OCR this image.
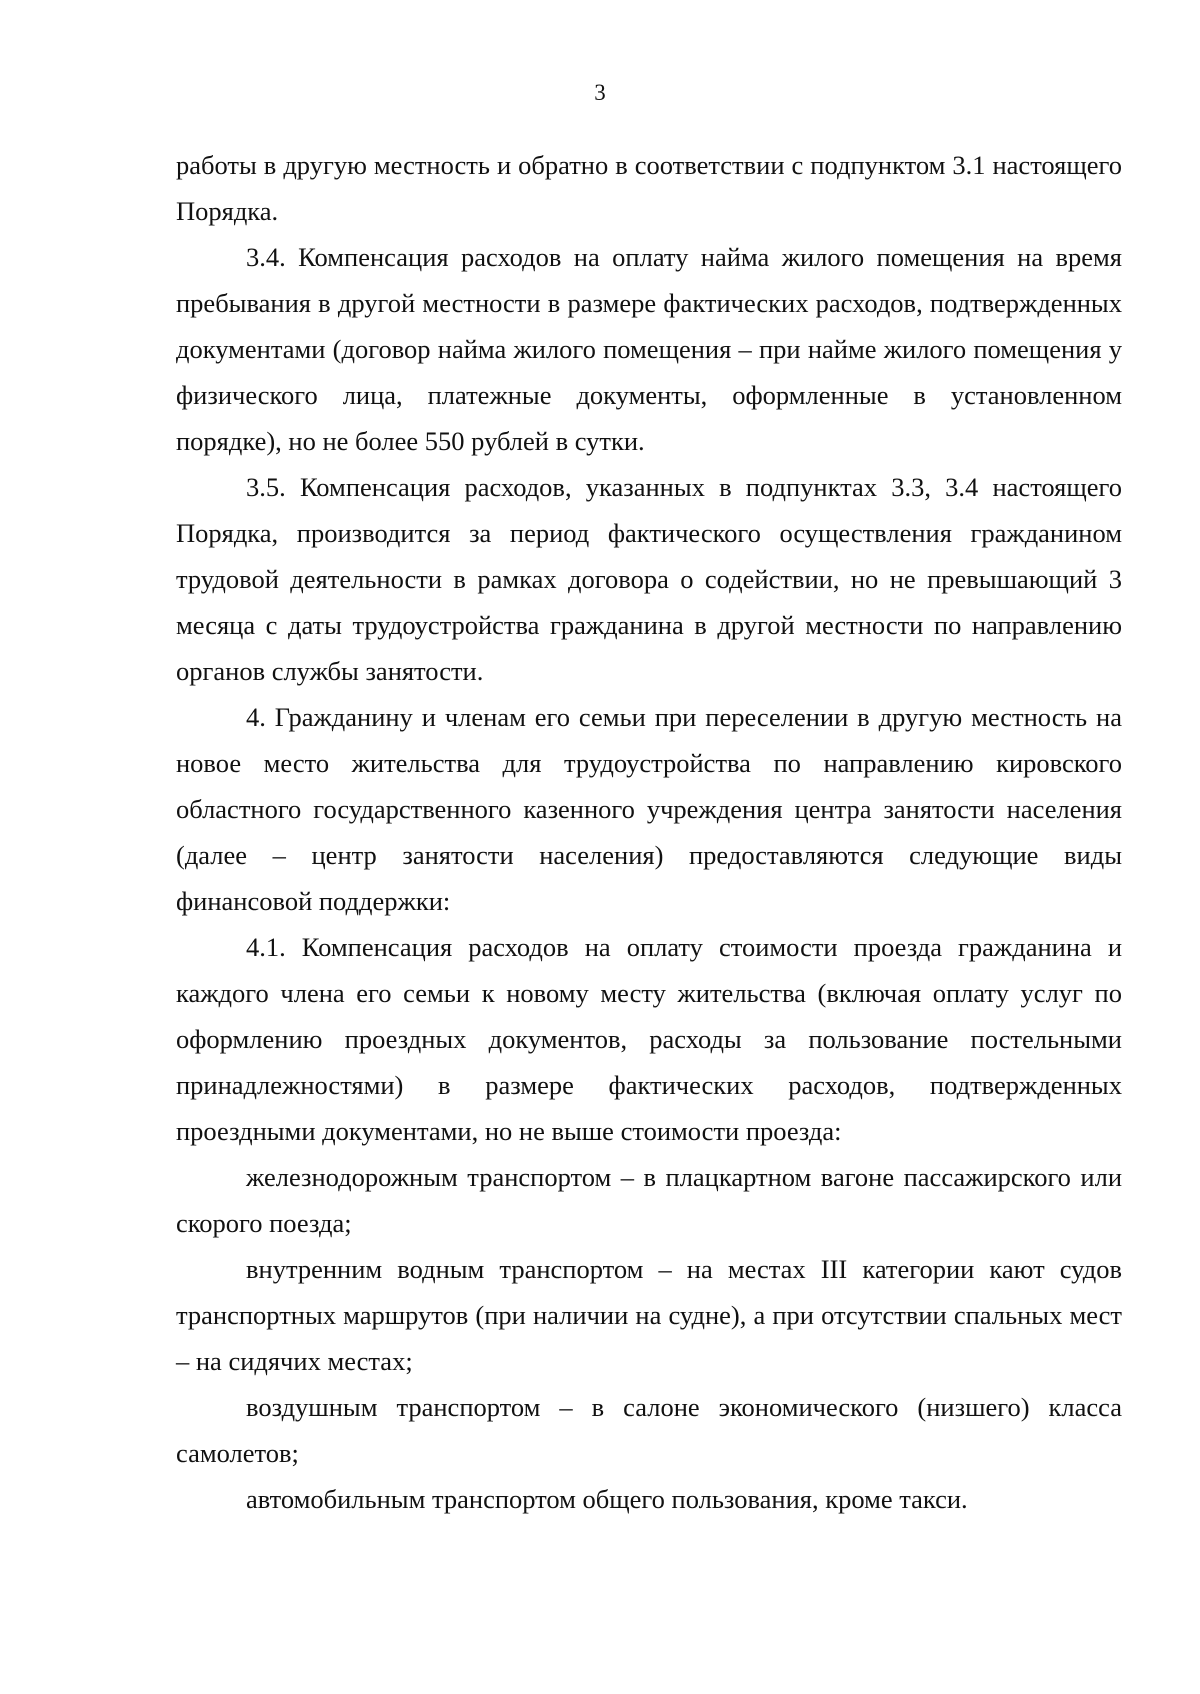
3

работы в другую местность и обратно в соответствии с подпунктом 3.1 настоящего Порядка.

3.4. Компенсация расходов на оплату найма жилого помещения на время пребывания в другой местности в размере фактических расходов, подтвержденных документами (договор найма жилого помещения – при найме жилого помещения у физического лица, платежные документы, оформленные в установленном порядке), но не более 550 рублей в сутки.

3.5. Компенсация расходов, указанных в подпунктах 3.3, 3.4 настоящего Порядка, производится за период фактического осуществления гражданином трудовой деятельности в рамках договора о содействии, но не превышающий 3 месяца с даты трудоустройства гражданина в другой местности по направлению органов службы занятости.

4. Гражданину и членам его семьи при переселении в другую местность на новое место жительства для трудоустройства по направлению кировского областного государственного казенного учреждения центра занятости населения (далее – центр занятости населения) предоставляются следующие виды финансовой поддержки:

4.1. Компенсация расходов на оплату стоимости проезда гражданина и каждого члена его семьи к новому месту жительства (включая оплату услуг по оформлению проездных документов, расходы за пользование постельными принадлежностями) в размере фактических расходов, подтвержденных проездными документами, но не выше стоимости проезда:

железнодорожным транспортом – в плацкартном вагоне пассажирского или скорого поезда;

внутренним водным транспортом – на местах III категории кают судов транспортных маршрутов (при наличии на судне), а при отсутствии спальных мест – на сидячих местах;

воздушным транспортом – в салоне экономического (низшего) класса самолетов;

автомобильным транспортом общего пользования, кроме такси.
